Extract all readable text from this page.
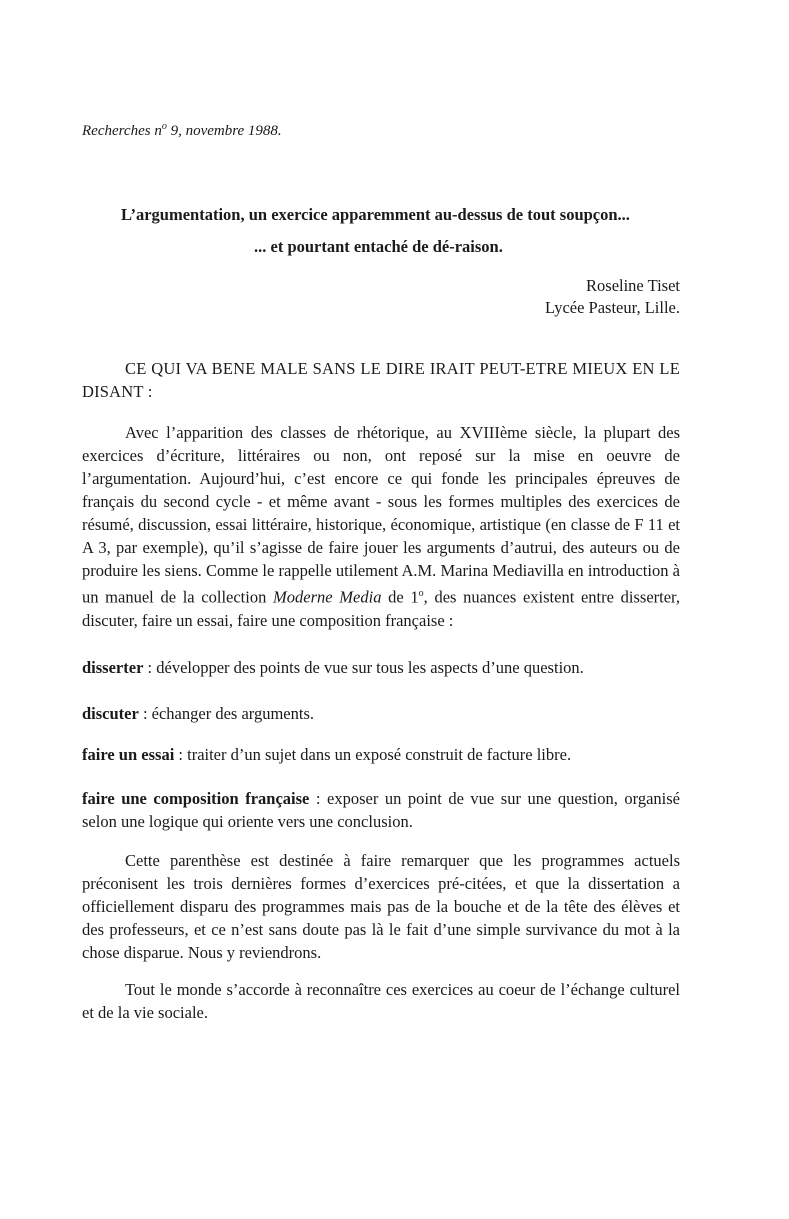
Recherches $n^o$ 9, novembre 1988.
L’argumentation, un exercice apparemment au-dessus de tout soupçon...
... et pourtant entaché de dé-raison.
Roseline Tiset
Lycée Pasteur, Lille.
CE QUI VA BENE MALE SANS LE DIRE IRAIT PEUT-ETRE MIEUX EN LE DISANT :
Avec l’apparition des classes de rhétorique, au XVIIIème siècle, la plupart des exercices d’écriture, littéraires ou non, ont reposé sur la mise en oeuvre de l’argumentation. Aujourd’hui, c’est encore ce qui fonde les principales épreuves de français du second cycle - et même avant - sous les formes multiples des exercices de résumé, discussion, essai littéraire, historique, économique, artistique (en classe de F 11 et A 3, par exemple), qu’il s’agisse de faire jouer les arguments d’autrui, des auteurs ou de produire les siens. Comme le rappelle utilement A.M. Marina Mediavilla en introduction à un manuel de la collection Moderne Media de 1$^o$, des nuances existent entre disserter, discuter, faire un essai, faire une composition française :
disserter : développer des points de vue sur tous les aspects d’une question.
discuter : échanger des arguments.
faire un essai : traiter d’un sujet dans un exposé construit de facture libre.
faire une composition française : exposer un point de vue sur une question, organisé selon une logique qui oriente vers une conclusion.
Cette parenthèse est destinée à faire remarquer que les programmes actuels préconisent les trois dernières formes d’exercices pré-citées, et que la dissertation a officiellement disparu des programmes mais pas de la bouche et de la tête des élèves et des professeurs, et ce n’est sans doute pas là le fait d’une simple survivance du mot à la chose disparue. Nous y reviendrons.
Tout le monde s’accorde à reconnaître ces exercices au coeur de l’échange culturel et de la vie sociale.
